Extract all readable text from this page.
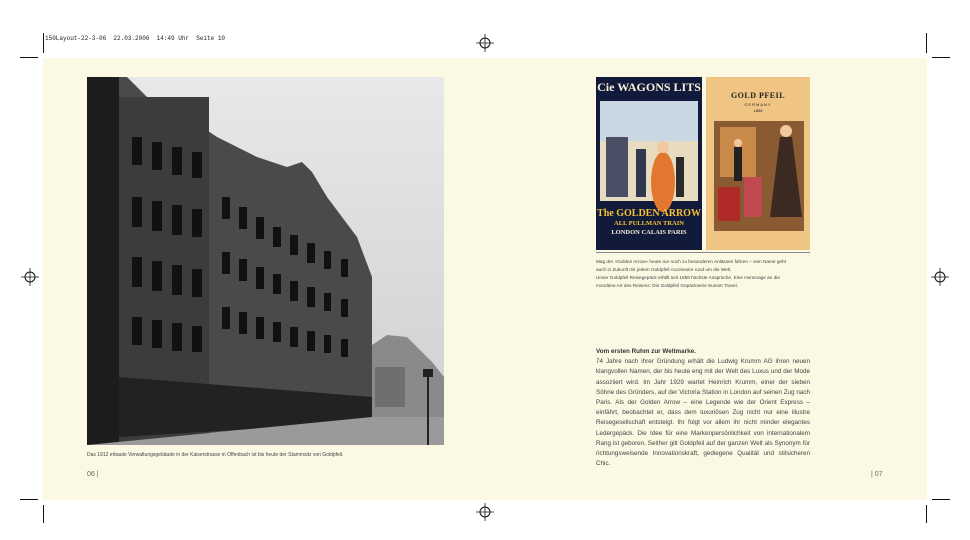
150Layout-22-3-06  22.03.2006  14:49 Uhr  Seite 10
Das 1912 erbaute Verwaltungsgebäude in der Kaiserstrasse in Offenbach ist bis heute der Stammsitz von Goldpfeil.
06 |
Cie WAGONS LITS
The GOLDEN ARROW
ALL PULLMAN TRAIN
LONDON CALAIS PARIS
GOLD PFEIL
GERMANY
1856
Mag der »Golden Arrow« heute nur noch zu besonderen Anlässen fahren – sein Name geht
auch in Zukunft mit jedem Goldpfeil Accessoire rund um die Welt.
Unser Goldpfeil Reisegepäck erfüllt seit 1856 höchste Ansprüche. Eine Hommage an die
mondäne Art des Reisens: Die Goldpfeil Gepäckserie Sunset Travel.
Vom ersten Ruhm zur Weltmarke.

74 Jahre nach ihrer Gründung erhält die Ludwig Krumm AG ihren neuen klangvollen Namen, der bis heute eng mit der Welt des Luxus und der Mode assoziiert wird. Im Jahr 1929 wartet Heinrich Krumm, einer der sieben Söhne des Gründers, auf der Victoria Station in London auf seinen Zug nach Paris. Als der Golden Arrow – eine Legende wie der Orient Express – einfährt, beobachtet er, dass dem luxuriösen Zug nicht nur eine illustre Reisegesellschaft entsteigt. Ihr folgt vor allem ihr nicht minder elegantes Ledergepäck. Die Idee für eine Markenpersönlichkeit von internationalem Rang ist geboren. Seither gilt Goldpfeil auf der ganzen Welt als Synonym für richtungsweisende Innovationskraft, gediegene Qualität und stilsicheren Chic.

| 07
